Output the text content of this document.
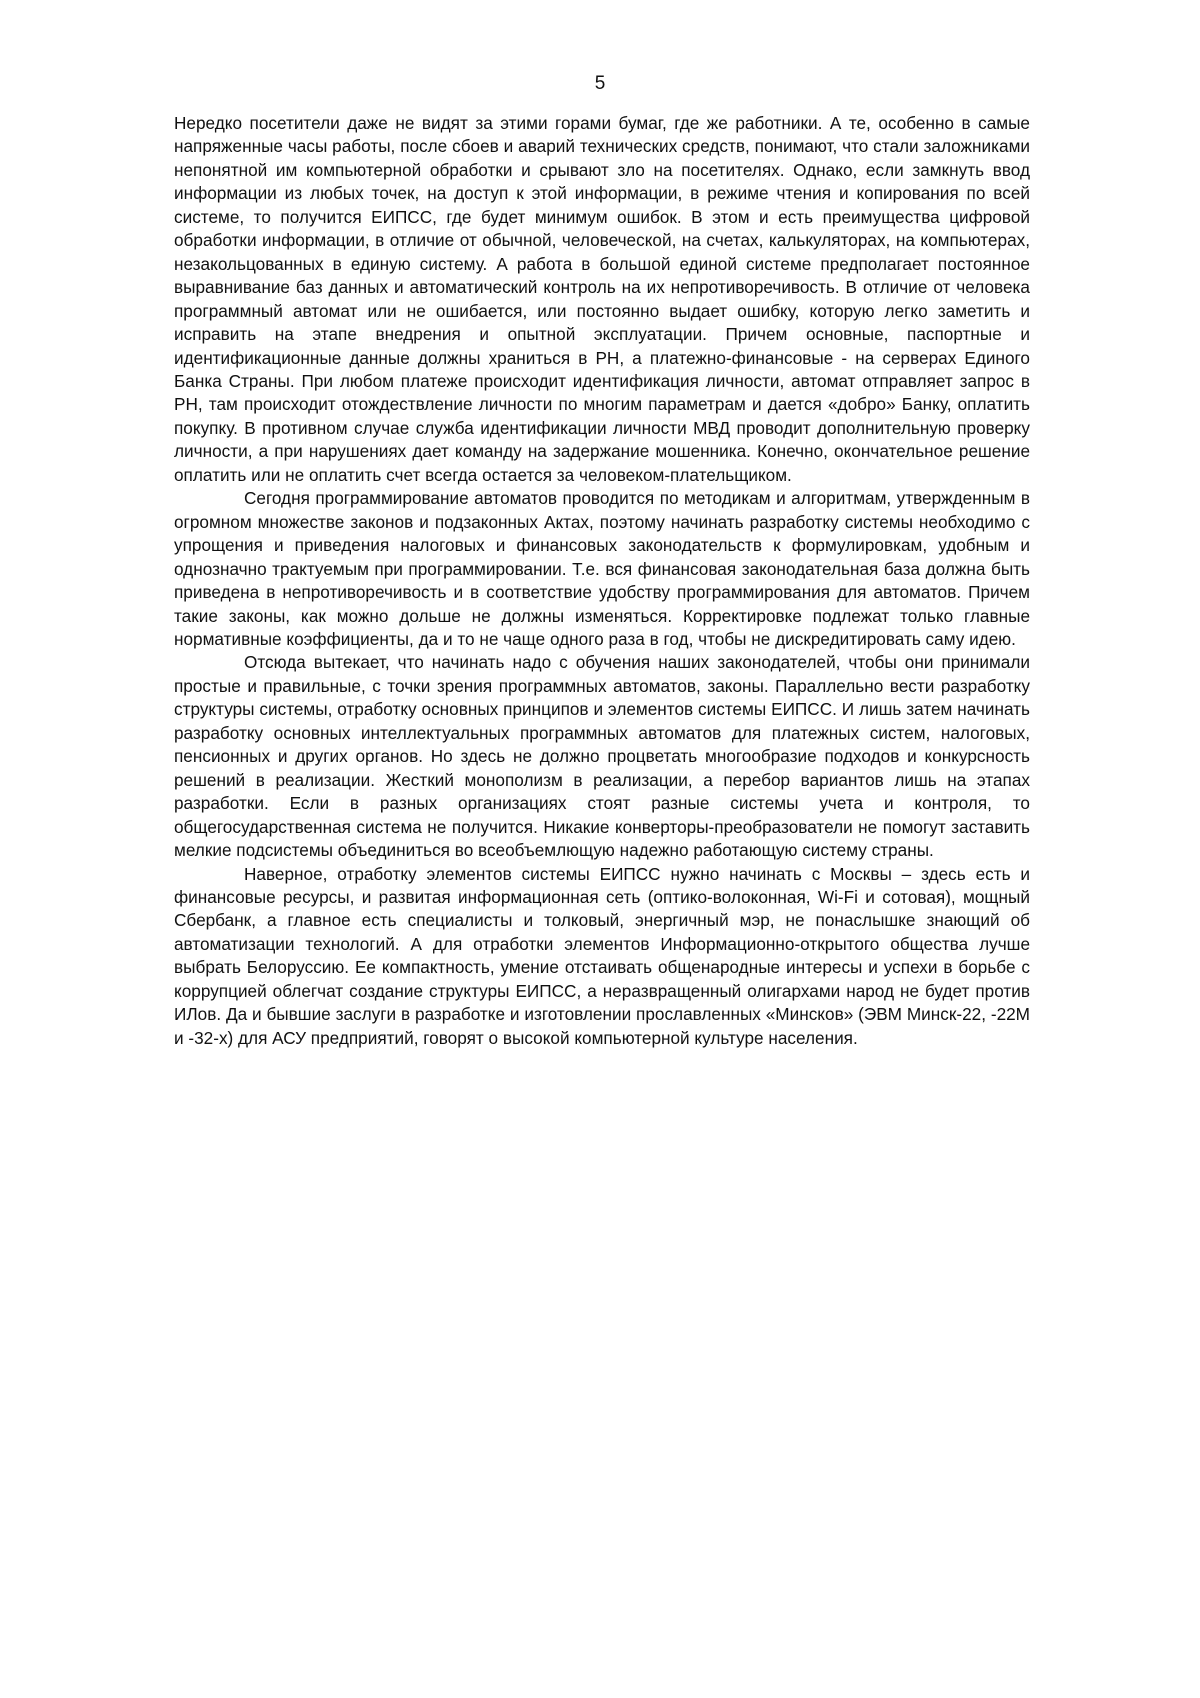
5

Нередко посетители даже не видят за этими горами бумаг, где же работники. А те, особенно в самые напряженные часы работы, после сбоев и аварий технических средств, понимают, что стали заложниками непонятной им компьютерной обработки и срывают зло на посетителях. Однако, если замкнуть ввод информации из любых точек, на доступ к этой информации, в режиме чтения и копирования по всей системе, то получится ЕИПСС, где будет минимум ошибок. В этом и есть преимущества цифровой обработки информации, в отличие от обычной, человеческой, на счетах, калькуляторах, на компьютерах, незакольцованных в единую систему. А работа в большой единой системе предполагает постоянное выравнивание баз данных и автоматический контроль на их непротиворечивость. В отличие от человека программный автомат или не ошибается, или постоянно выдает ошибку, которую легко заметить и исправить на этапе внедрения и опытной эксплуатации. Причем основные, паспортные и идентификационные данные должны храниться в РН, а платежно-финансовые - на серверах Единого Банка Страны. При любом платеже происходит идентификация личности, автомат отправляет запрос в РН, там происходит отождествление личности по многим параметрам и дается «добро» Банку, оплатить покупку. В противном случае служба идентификации личности МВД проводит дополнительную проверку личности, а при нарушениях дает команду на задержание мошенника. Конечно, окончательное решение оплатить или не оплатить счет всегда остается за человеком-плательщиком.

Сегодня программирование автоматов проводится по методикам и алгоритмам, утвержденным в огромном множестве законов и подзаконных Актах, поэтому начинать разработку системы необходимо с упрощения и приведения налоговых и финансовых законодательств к формулировкам, удобным и однозначно трактуемым при программировании. Т.е. вся финансовая законодательная база должна быть приведена в непротиворечивость и в соответствие удобству программирования для автоматов. Причем такие законы, как можно дольше не должны изменяться. Корректировке подлежат только главные нормативные коэффициенты, да и то не чаще одного раза в год, чтобы не дискредитировать саму идею.

Отсюда вытекает, что начинать надо с обучения наших законодателей, чтобы они принимали простые и правильные, с точки зрения программных автоматов, законы. Параллельно вести разработку структуры системы, отработку основных принципов и элементов системы ЕИПСС. И лишь затем начинать разработку основных интеллектуальных программных автоматов для платежных систем, налоговых, пенсионных и других органов. Но здесь не должно процветать многообразие подходов и конкурсность решений в реализации. Жесткий монополизм в реализации, а перебор вариантов лишь на этапах разработки. Если в разных организациях стоят разные системы учета и контроля, то общегосударственная система не получится. Никакие конверторы-преобразователи не помогут заставить мелкие подсистемы объединиться во всеобъемлющую надежно работающую систему страны.

Наверное, отработку элементов системы ЕИПСС нужно начинать с Москвы – здесь есть и финансовые ресурсы, и развитая информационная сеть (оптико-волоконная, Wi-Fi и сотовая), мощный Сбербанк, а главное есть специалисты и толковый, энергичный мэр, не понаслышке знающий об автоматизации технологий. А для отработки элементов Информационно-открытого общества лучше выбрать Белоруссию. Ее компактность, умение отстаивать общенародные интересы и успехи в борьбе с коррупцией облегчат создание структуры ЕИПСС, а неразвращенный олигархами народ не будет против ИЛов. Да и бывшие заслуги в разработке и изготовлении прославленных «Минсков» (ЭВМ Минск-22, -22М и -32-х) для АСУ предприятий, говорят о высокой компьютерной культуре населения.
